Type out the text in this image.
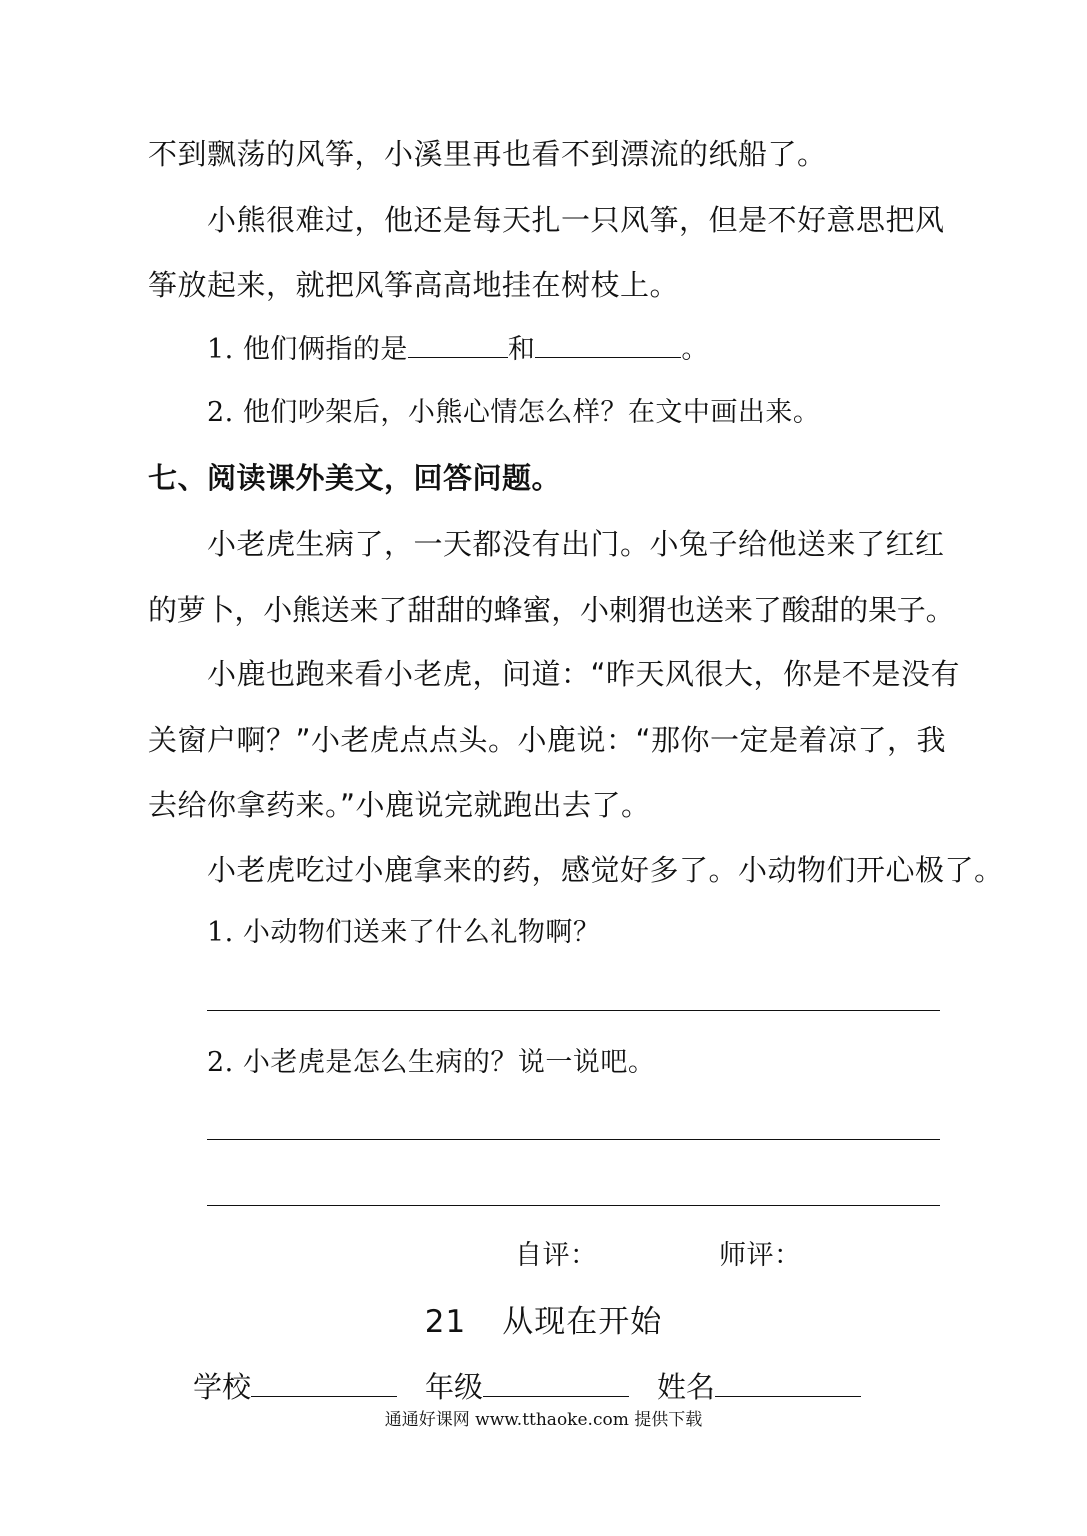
不到飘荡的风筝，小溪里再也看不到漂流的纸船了。
小熊很难过，他还是每天扎一只风筝，但是不好意思把风
筝放起来，就把风筝高高地挂在树枝上。
1. 他们俩指的是	和	。
2. 他们吵架后，小熊心情怎么样？在文中画出来。
七、阅读课外美文，回答问题。
小老虎生病了，一天都没有出门。小兔子给他送来了红红
的萝卜，小熊送来了甜甜的蜂蜜，小刺猬也送来了酸甜的果子。
小鹿也跑来看小老虎，问道：“昨天风很大，你是不是没有
关窗户啊？”小老虎点点头。小鹿说：“那你一定是着凉了，我
去给你拿药来。”小鹿说完就跑出去了。
小老虎吃过小鹿拿来的药，感觉好多了。小动物们开心极了。
1. 小动物们送来了什么礼物啊？
2. 小老虎是怎么生病的？说一说吧。
自评：	师评：
21 从现在开始
学校	年级	姓名
通通好课网 www.tthaoke.com 提供下载
